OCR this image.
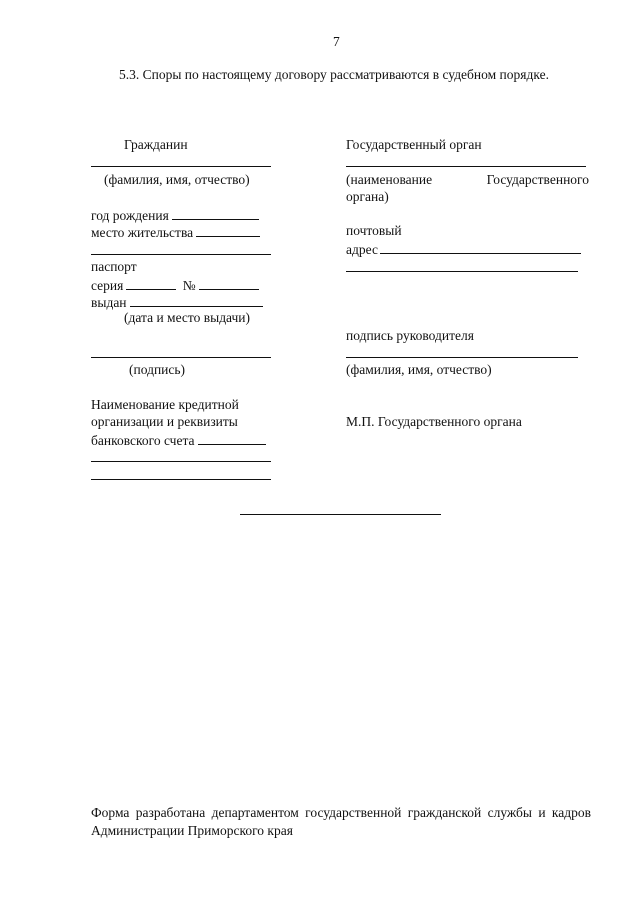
7
5.3. Споры по настоящему договору рассматриваются в судебном порядке.
Гражданин
(фамилия, имя, отчество)
год рождения
место жительства
паспорт
серия	№
выдан
(дата и место выдачи)
(подпись)
Наименование кредитной
организации и реквизиты
банковского счета
Государственный орган
(наименование	Государственного
органа)
почтовый
адрес
подпись руководителя
(фамилия, имя, отчество)
М.П. Государственного органа
Форма разработана департаментом государственной гражданской службы и кадров Администрации Приморского края
